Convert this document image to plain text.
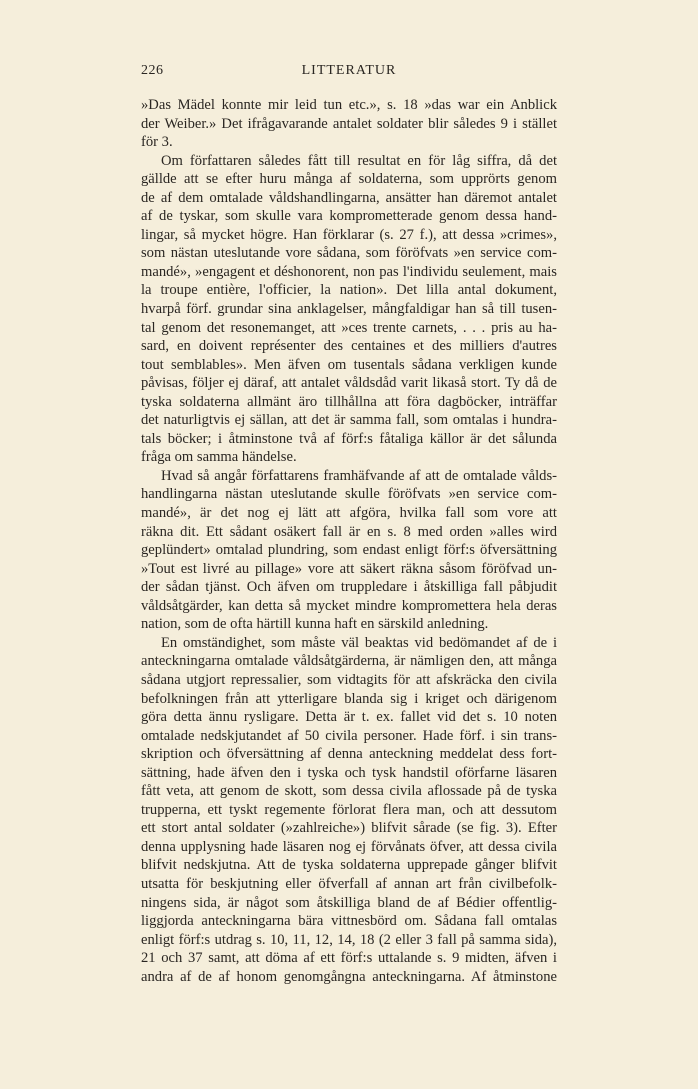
226	LITTERATUR
»Das Mädel konnte mir leid tun etc.», s. 18 »das war ein Anblick
der Weiber.» Det ifrågavarande antalet soldater blir således 9 i stället
för 3.
Om författaren således fått till resultat en för låg siffra, då det
gällde att se efter huru många af soldaterna, som upprörts genom
de af dem omtalade våldshandlingarna, ansätter han däremot antalet
af de tyskar, som skulle vara komprometterade genom dessa hand-
lingar, så mycket högre. Han förklarar (s. 27 f.), att dessa »crimes»,
som nästan uteslutande vore sådana, som föröfvats »en service com-
mandé», »engagent et déshonorent, non pas l'individu seulement, mais
la troupe entière, l'officier, la nation». Det lilla antal dokument,
hvarpå förf. grundar sina anklagelser, mångfaldigar han så till tusen-
tal genom det resonemanget, att »ces trente carnets, . . . pris au ha-
sard, en doivent représenter des centaines et des milliers d'autres
tout semblables». Men äfven om tusentals sådana verkligen kunde
påvisas, följer ej däraf, att antalet våldsdåd varit likaså stort. Ty då de
tyska soldaterna allmänt äro tillhållna att föra dagböcker, inträffar
det naturligtvis ej sällan, att det är samma fall, som omtalas i hundra-
tals böcker; i åtminstone två af förf:s fåtaliga källor är det sålunda
fråga om samma händelse.
Hvad så angår författarens framhäfvande af att de omtalade vålds-
handlingarna nästan uteslutande skulle föröfvats »en service com-
mandé», är det nog ej lätt att afgöra, hvilka fall som vore att
räkna dit. Ett sådant osäkert fall är en s. 8 med orden »alles wird
geplündert» omtalad plundring, som endast enligt förf:s öfversättning
»Tout est livré au pillage» vore att säkert räkna såsom föröfvad un-
der sådan tjänst. Och äfven om truppledare i åtskilliga fall påbjudit
våldsåtgärder, kan detta så mycket mindre komprometterа hela deras
nation, som de ofta härtill kunna haft en särskild anledning.
En omständighet, som måste väl beaktas vid bedömandet af de i
anteckningarna omtalade våldsåtgärderna, är nämligen den, att många
sådana utgjort repressalier, som vidtagits för att afskräcka den civila
befolkningen från att ytterligare blanda sig i kriget och därigenom
göra detta ännu rysligare. Detta är t. ex. fallet vid det s. 10 noten
omtalade nedskjutandet af 50 civila personer. Hade förf. i sin trans-
skription och öfversättning af denna anteckning meddelat dess fort-
sättning, hade äfven den i tyska och tysk handstil oförfarne läsaren
fått veta, att genom de skott, som dessa civila aflossade på de tyska
trupperna, ett tyskt regemente förlorat flera man, och att dessutom
ett stort antal soldater (»zahlreiche») blifvit sårade (se fig. 3). Efter
denna upplysning hade läsaren nog ej förvånats öfver, att dessa civila
blifvit nedskjutna. Att de tyska soldaterna upprepade gånger blifvit
utsatta för beskjutning eller öfverfall af annan art från civilbefolk-
ningens sida, är något som åtskilliga bland de af Bédier offentlig-
liggjorda anteckningarna bära vittnesbörd om. Sådana fall omtalas
enligt förf:s utdrag s. 10, 11, 12, 14, 18 (2 eller 3 fall på samma sida),
21 och 37 samt, att döma af ett förf:s uttalande s. 9 midten, äfven i
andra af de af honom genomgångna anteckningarna. Af åtminstone
